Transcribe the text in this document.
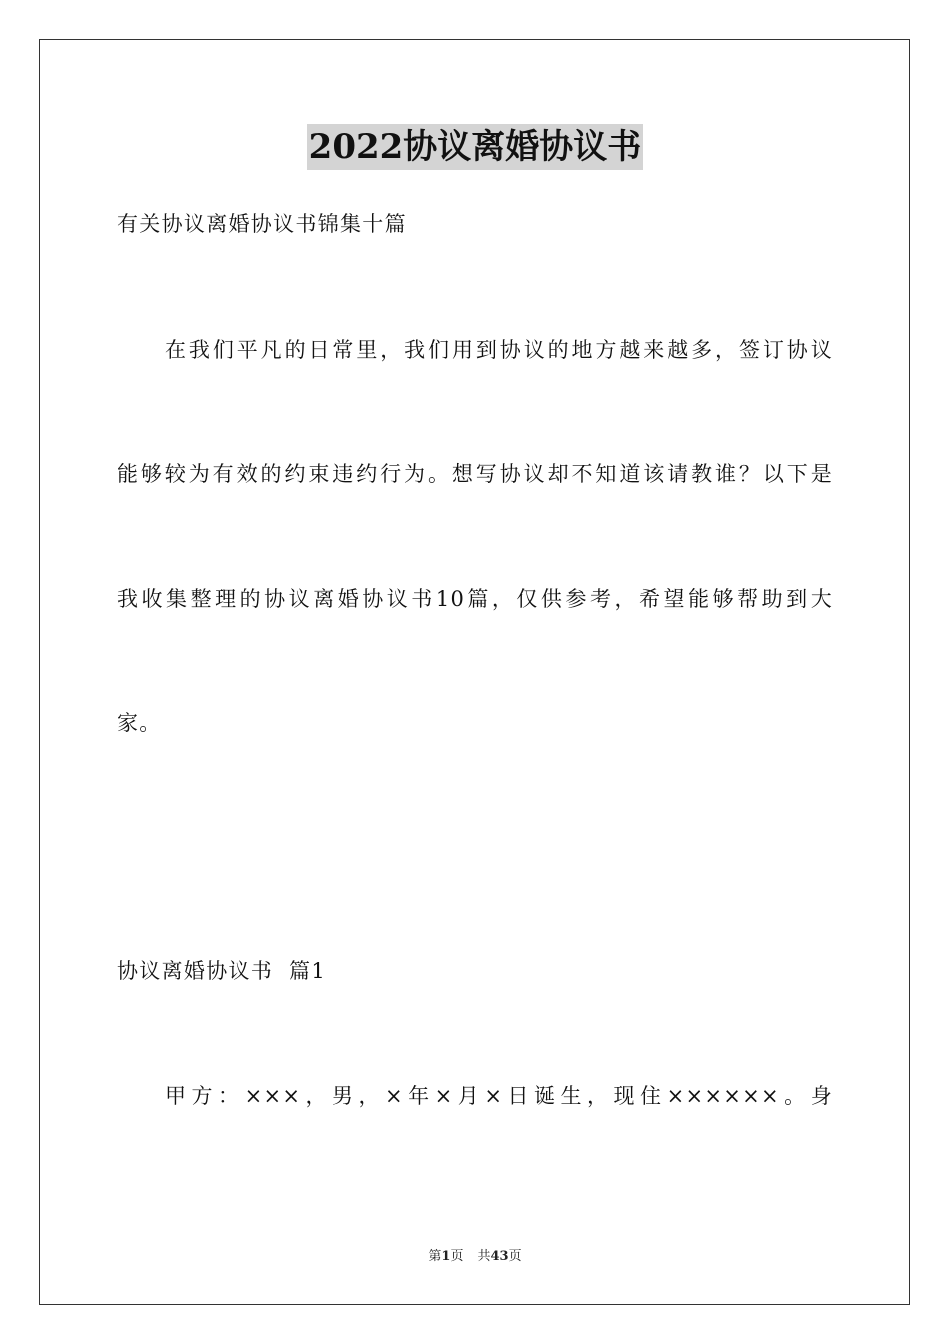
2022协议离婚协议书
有关协议离婚协议书锦集十篇
在我们平凡的日常里，我们用到协议的地方越来越多，签订协议
能够较为有效的约束违约行为。想写协议却不知道该请教谁？以下是
我收集整理的协议离婚协议书10篇，仅供参考，希望能够帮助到大
家。
协议离婚协议书  篇1
甲方：×××，男，×年×月×日诞生，现住××××××。身
第1页 共43页
